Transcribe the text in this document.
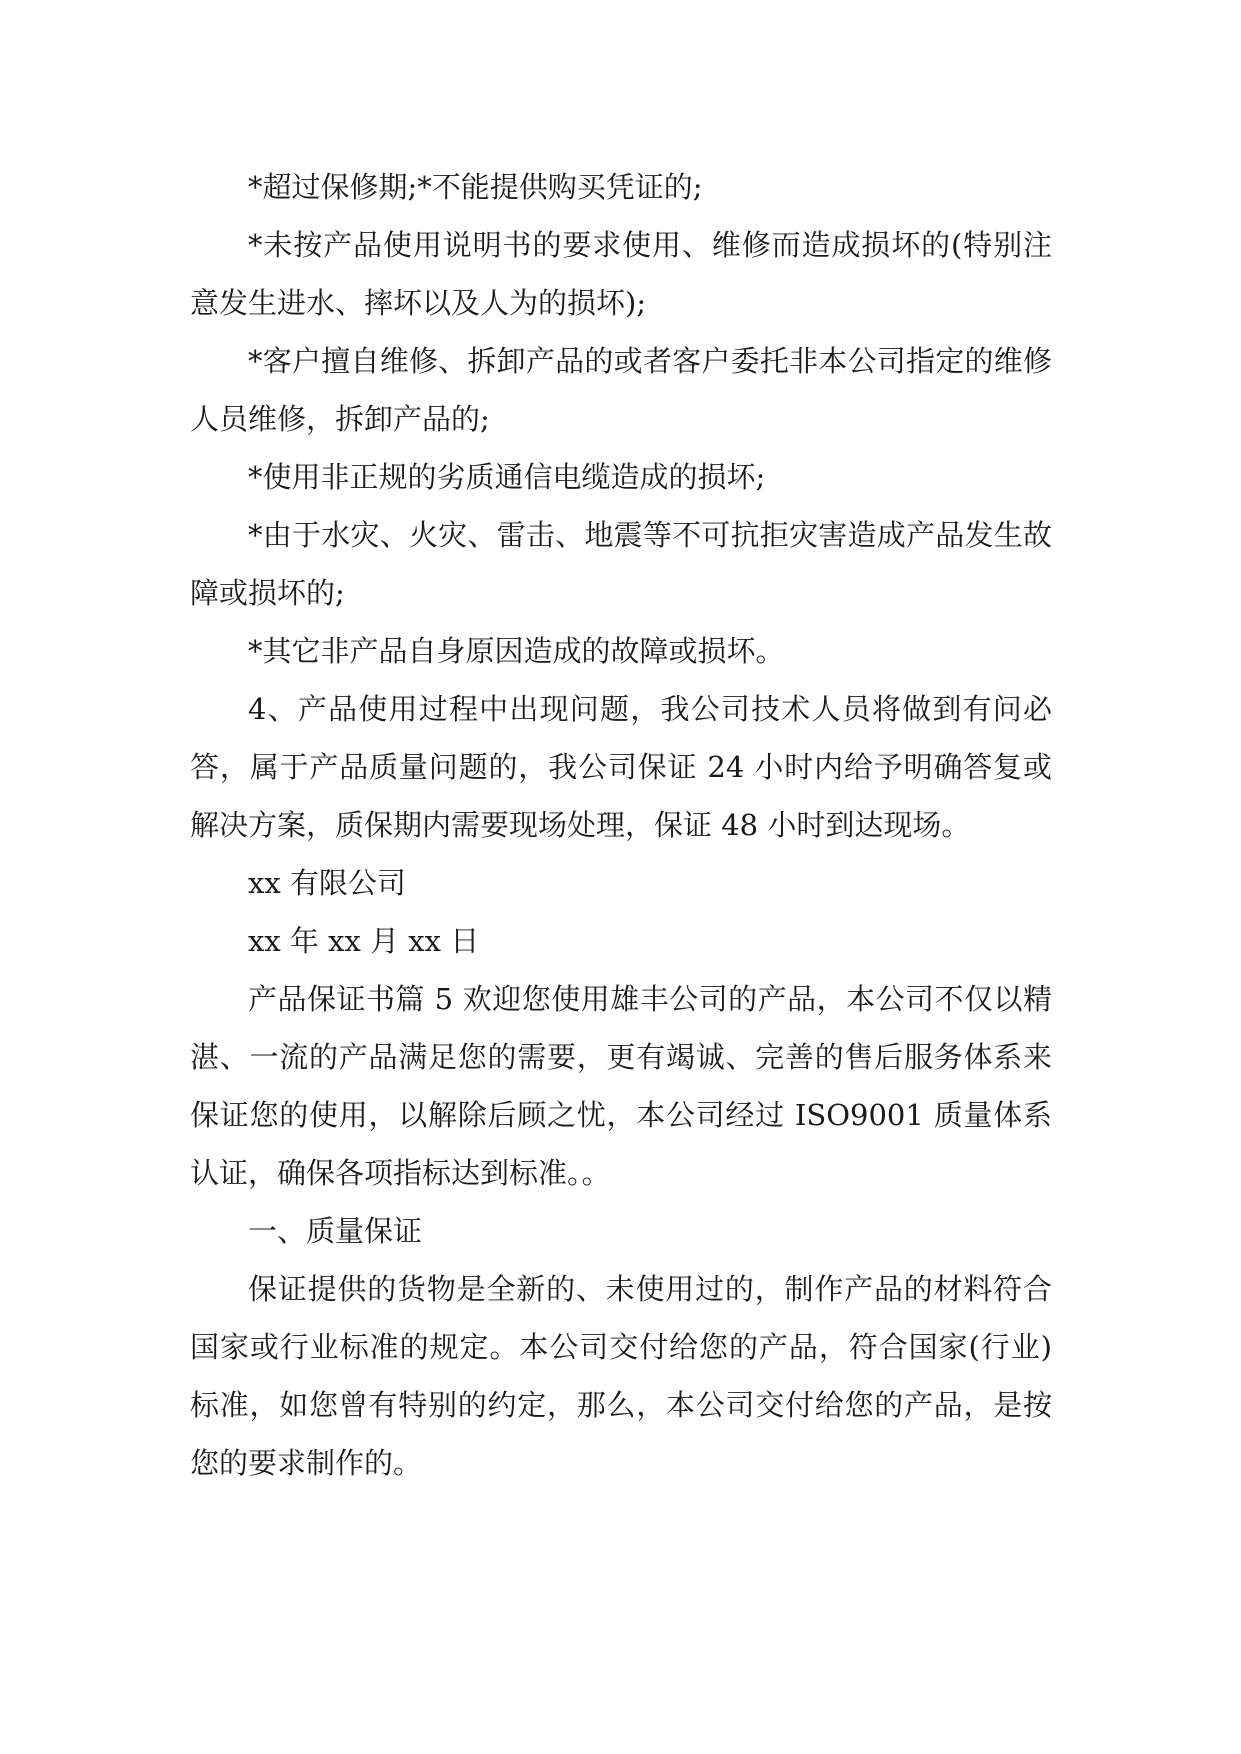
*超过保修期;*不能提供购买凭证的;

*未按产品使用说明书的要求使用、维修而造成损坏的(特别注意发生进水、摔坏以及人为的损坏);

*客户擅自维修、拆卸产品的或者客户委托非本公司指定的维修人员维修，拆卸产品的;

*使用非正规的劣质通信电缆造成的损坏;

*由于水灾、火灾、雷击、地震等不可抗拒灾害造成产品发生故障或损坏的;

*其它非产品自身原因造成的故障或损坏。

4、产品使用过程中出现问题，我公司技术人员将做到有问必答，属于产品质量问题的，我公司保证 24 小时内给予明确答复或解决方案，质保期内需要现场处理，保证 48 小时到达现场。

xx 有限公司

xx 年 xx 月 xx 日

产品保证书篇 5 欢迎您使用雄丰公司的产品，本公司不仅以精湛、一流的产品满足您的需要，更有竭诚、完善的售后服务体系来保证您的使用，以解除后顾之忧，本公司经过 ISO9001 质量体系认证，确保各项指标达到标准。。

一、质量保证

保证提供的货物是全新的、未使用过的，制作产品的材料符合国家或行业标准的规定。本公司交付给您的产品，符合国家(行业)标准，如您曾有特别的约定，那么，本公司交付给您的产品，是按您的要求制作的。
